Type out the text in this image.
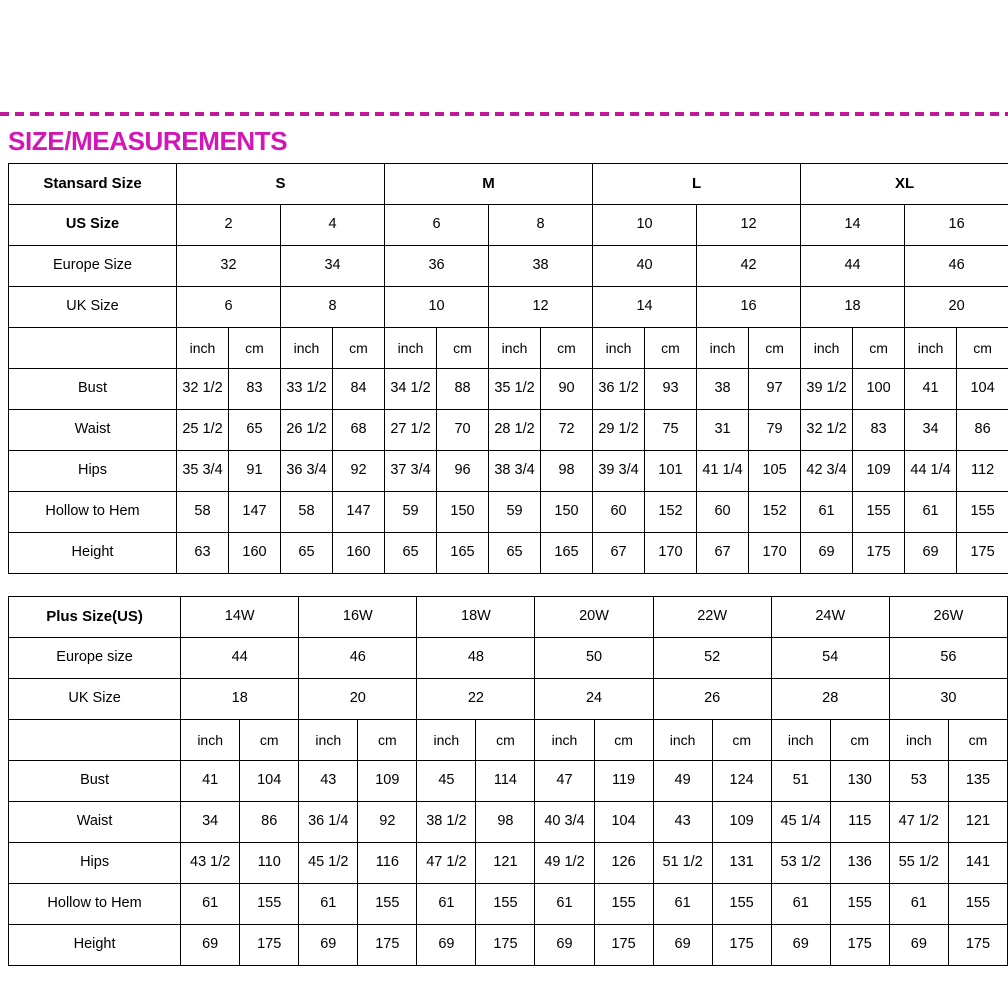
SIZE/MEASUREMENTS
Stansard Size	S				M				L				XL			
US Size	2		4		6		8		10		12		14		16	
Europe Size	32		34		36		38		40		42		44		46	
UK Size	6		8		10		12		14		16		18		20	
	inch	cm	inch	cm	inch	cm	inch	cm	inch	cm	inch	cm	inch	cm	inch	cm
Bust	32 1/2	83	33 1/2	84	34 1/2	88	35 1/2	90	36 1/2	93	38	97	39 1/2	100	41	104
Waist	25 1/2	65	26 1/2	68	27 1/2	70	28 1/2	72	29 1/2	75	31	79	32 1/2	83	34	86
Hips	35 3/4	91	36 3/4	92	37 3/4	96	38 3/4	98	39 3/4	101	41 1/4	105	42 3/4	109	44 1/4	112
Hollow to Hem	58	147	58	147	59	150	59	150	60	152	60	152	61	155	61	155
Height	63	160	65	160	65	165	65	165	67	170	67	170	69	175	69	175
Plus Size(US)	14W		16W		18W		20W		22W		24W		26W	
Europe size	44		46		48		50		52		54		56	
UK Size	18		20		22		24		26		28		30	
	inch	cm	inch	cm	inch	cm	inch	cm	inch	cm	inch	cm	inch	cm
Bust	41	104	43	109	45	114	47	119	49	124	51	130	53	135
Waist	34	86	36 1/4	92	38 1/2	98	40 3/4	104	43	109	45 1/4	115	47 1/2	121
Hips	43 1/2	110	45 1/2	116	47 1/2	121	49 1/2	126	51 1/2	131	53 1/2	136	55 1/2	141
Hollow to Hem	61	155	61	155	61	155	61	155	61	155	61	155	61	155
Height	69	175	69	175	69	175	69	175	69	175	69	175	69	175
